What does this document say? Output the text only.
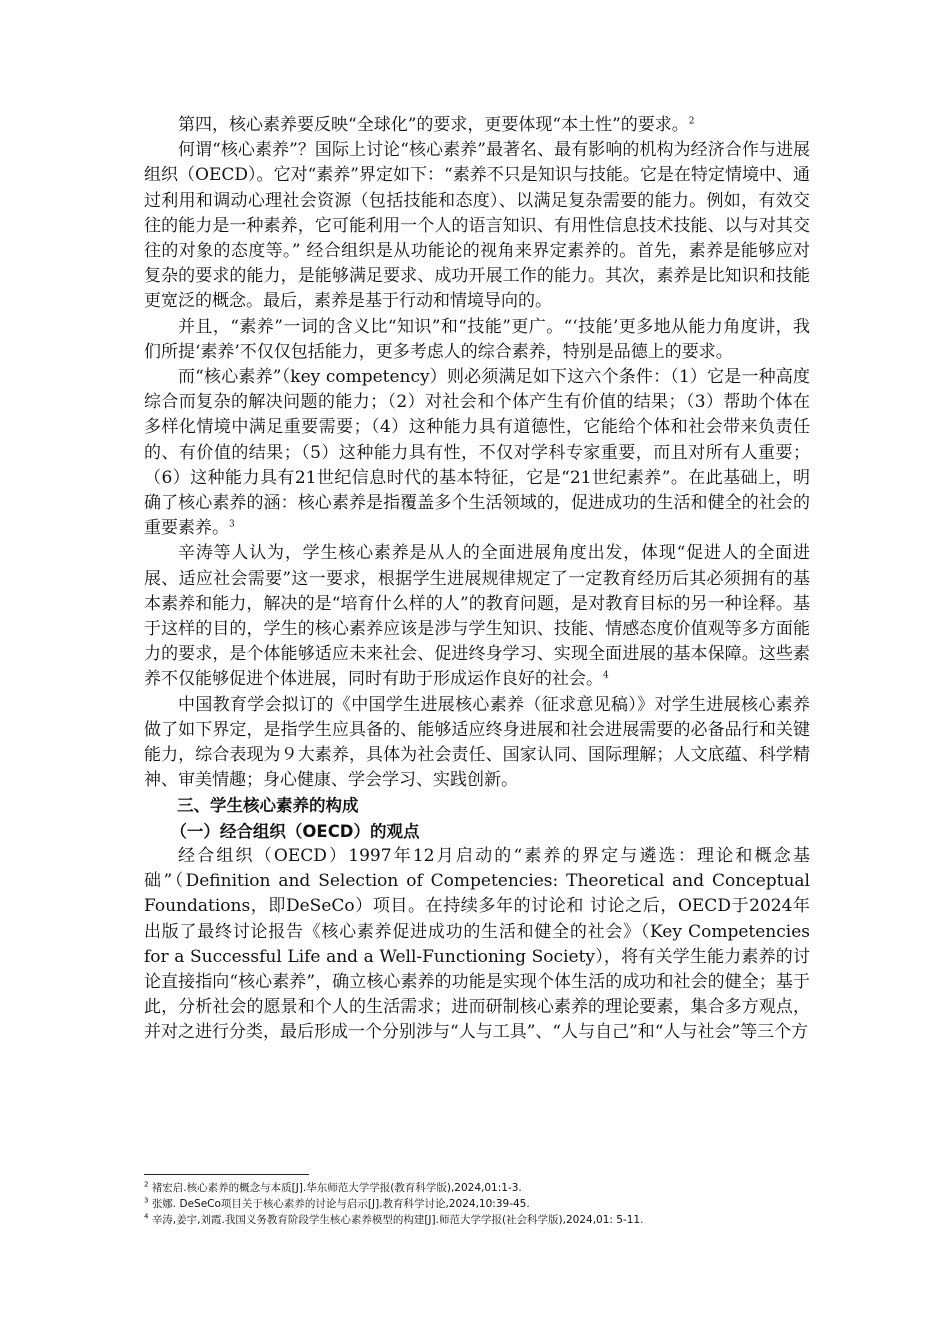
第四，核心素养要反映“全球化”的要求，更要体现“本土性”的要求。$^2$

何谓“核心素养”？国际上讨论“核心素养”最著名、最有影响的机构为经济合作与进展组织（OECD）。它对“素养”界定如下：“素养不只是知识与技能。它是在特定情境中、通过利用和调动心理社会资源（包括技能和态度）、以满足复杂需要的能力。例如，有效交往的能力是一种素养，它可能利用一个人的语言知识、有用性信息技术技能、以与对其交往的对象的态度等。” 经合组织是从功能论的视角来界定素养的。首先，素养是能够应对复杂的要求的能力，是能够满足要求、成功开展工作的能力。其次，素养是比知识和技能更宽泛的概念。最后，素养是基于行动和情境导向的。

并且，“素养”一词的含义比“知识”和“技能”更广。“‘技能’更多地从能力角度讲，我们所提‘素养’不仅仅包括能力，更多考虑人的综合素养，特别是品德上的要求。

而“核心素养”（key competency）则必须满足如下这六个条件：（1）它是一种高度综合而复杂的解决问题的能力；（2）对社会和个体产生有价值的结果；（3）帮助个体在多样化情境中满足重要需要；（4）这种能力具有道德性，它能给个体和社会带来负责任的、有价值的结果；（5）这种能力具有性，不仅对学科专家重要，而且对所有人重要；（6）这种能力具有21世纪信息时代的基本特征，它是“21世纪素养”。在此基础上，明确了核心素养的涵：核心素养是指覆盖多个生活领域的，促进成功的生活和健全的社会的重要素养。$^3$

辛涛等人认为，学生核心素养是从人的全面进展角度出发，体现“促进人的全面进展、适应社会需要”这一要求，根据学生进展规律规定了一定教育经历后其必须拥有的基本素养和能力，解决的是“培育什么样的人”的教育问题，是对教育目标的另一种诠释。基于这样的目的，学生的核心素养应该是涉与学生知识、技能、情感态度价值观等多方面能力的要求，是个体能够适应未来社会、促进终身学习、实现全面进展的基本保障。这些素养不仅能够促进个体进展，同时有助于形成运作良好的社会。$^4$

中国教育学会拟订的《中国学生进展核心素养（征求意见稿）》对学生进展核心素养做了如下界定，是指学生应具备的、能够适应终身进展和社会进展需要的必备品行和关键能力，综合表现为９大素养，具体为社会责任、国家认同、国际理解；人文底蕴、科学精神、审美情趣；身心健康、学会学习、实践创新。

三、学生核心素养的构成

（一）经合组织（OECD）的观点

经合组织（OECD）1997年12月启动的“素养的界定与遴选：理论和概念基础”（Definition and Selection of Competencies: Theoretical and Conceptual Foundations，即DeSeCo）项目。在持续多年的讨论和 讨论之后，OECD于2024年出版了最终讨论报告《核心素养促进成功的生活和健全的社会》（Key Competencies for a Successful Life and a Well-Functioning Society），将有关学生能力素养的讨论直接指向“核心素养”，确立核心素养的功能是实现个体生活的成功和社会的健全；基于此，分析社会的愿景和个人的生活需求；进而研制核心素养的理论要素，集合多方观点，并对之进行分类，最后形成一个分别涉与“人与工具”、“人与自己”和“人与社会”等三个方

$^2$ 褚宏启.核心素养的概念与本质[J].华东师范大学学报(教育科学版),2024,01:1-3.
$^3$ 张娜. DeSeCo项目关于核心素养的讨论与启示[J].教育科学讨论,2024,10:39-45.
$^4$ 辛涛,姜宇,刘霞.我国义务教育阶段学生核心素养模型的构建[J].师范大学学报(社会科学版),2024,01: 5-11.
